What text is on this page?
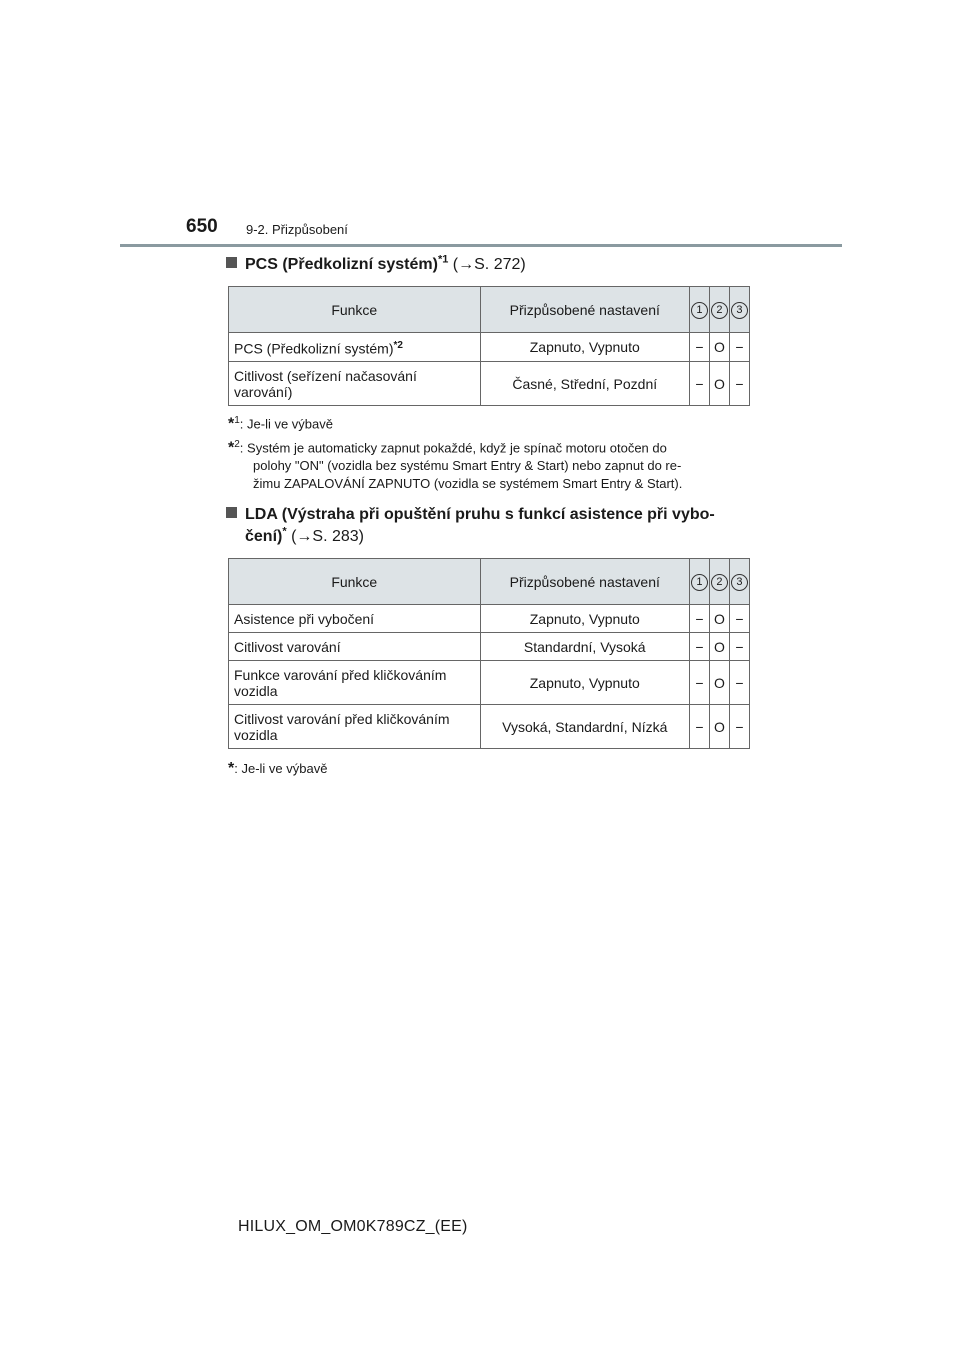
650 9-2. Přizpůsobení
PCS (Předkolizní systém)$^{*1}$ (→S. 272)
Funkce	Přizpůsobené nastavení	1	2	3
PCS (Předkolizní systém)$^{*2}$	Zapnuto, Vypnuto	−	O	−
Citlivost (seřízení načasování varování)	Časné, Střední, Pozdní	−	O	−
*$^1$: Je-li ve výbavě
*$^2$: Systém je automaticky zapnut pokaždé, když je spínač motoru otočen do
polohy "ON" (vozidla bez systému Smart Entry & Start) nebo zapnut do re-
žimu ZAPALOVÁNÍ ZAPNUTO (vozidla se systémem Smart Entry & Start).
LDA (Výstraha při opuštění pruhu s funkcí asistence při vybo-
čení)* (→S. 283)
Funkce	Přizpůsobené nastavení	1	2	3
Asistence při vybočení	Zapnuto, Vypnuto	−	O	−
Citlivost varování	Standardní, Vysoká	−	O	−
Funkce varování před kličkováním vozidla	Zapnuto, Vypnuto	−	O	−
Citlivost varování před kličkováním vozidla	Vysoká, Standardní, Nízká	−	O	−
*: Je-li ve výbavě
HILUX_OM_OM0K789CZ_(EE)
